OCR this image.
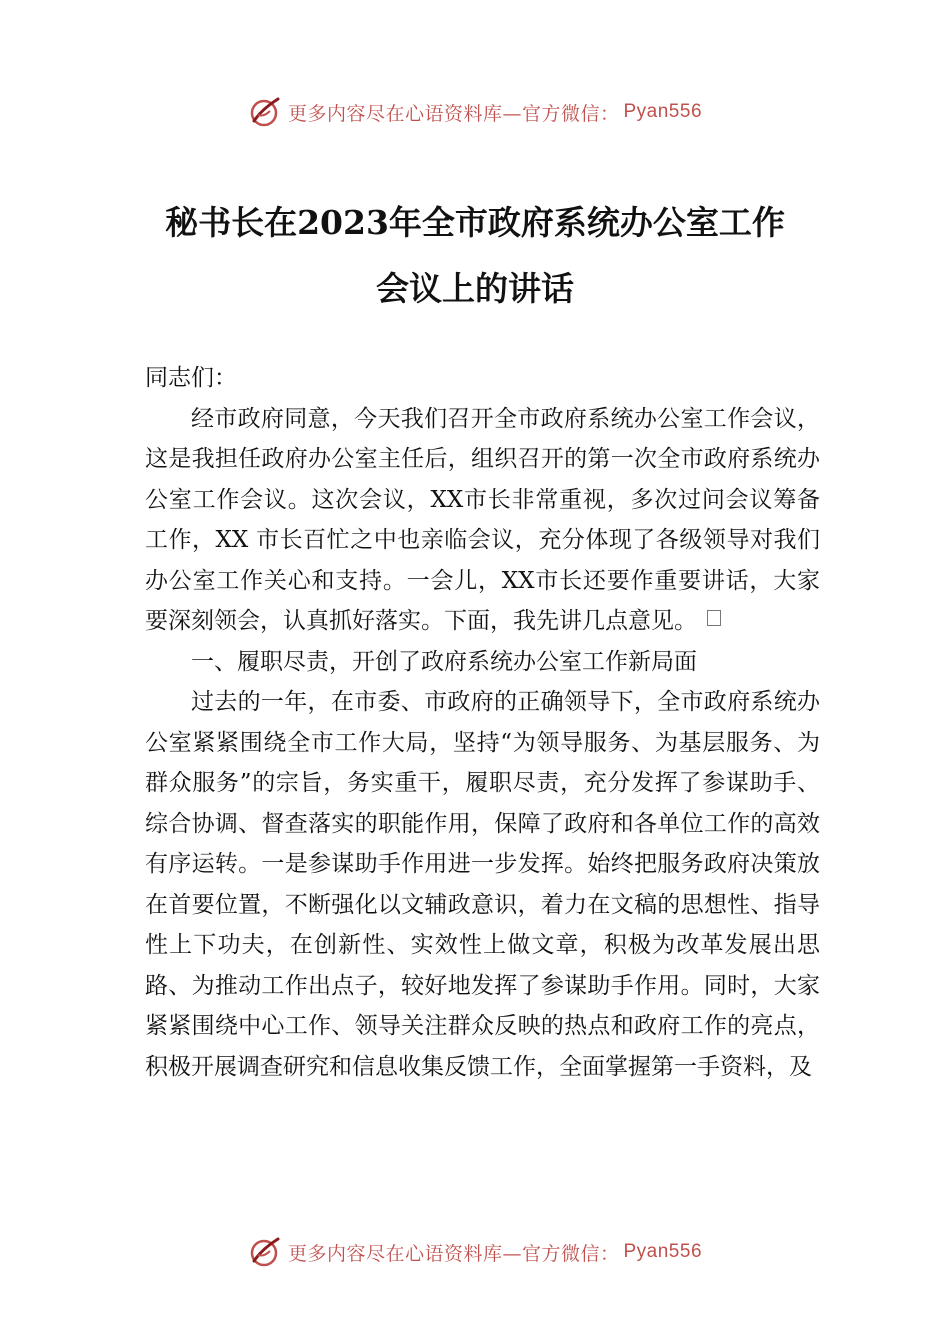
更多内容尽在心语资料库—官方微信： Pyan556
秘书长在2023年全市政府系统办公室工作
会议上的讲话

同志们：

经市政府同意，今天我们召开全市政府系统办公室工作会议，这是我担任政府办公室主任后，组织召开的第一次全市政府系统办公室工作会议。这次会议，XX市长非常重视，多次过问会议筹备工作，XX 市长百忙之中也亲临会议，充分体现了各级领导对我们办公室工作关心和支持。一会儿，XX市长还要作重要讲话，大家要深刻领会，认真抓好落实。下面，我先讲几点意见。

一、履职尽责，开创了政府系统办公室工作新局面

过去的一年，在市委、市政府的正确领导下，全市政府系统办公室紧紧围绕全市工作大局，坚持“为领导服务、为基层服务、为群众服务”的宗旨，务实重干，履职尽责，充分发挥了参谋助手、综合协调、督查落实的职能作用，保障了政府和各单位工作的高效有序运转。一是参谋助手作用进一步发挥。始终把服务政府决策放在首要位置，不断强化以文辅政意识，着力在文稿的思想性、指导性上下功夫，在创新性、实效性上做文章，积极为改革发展出思路、为推动工作出点子，较好地发挥了参谋助手作用。同时，大家紧紧围绕中心工作、领导关注群众反映的热点和政府工作的亮点，积极开展调查研究和信息收集反馈工作，全面掌握第一手资料，及

更多内容尽在心语资料库—官方微信： Pyan556
